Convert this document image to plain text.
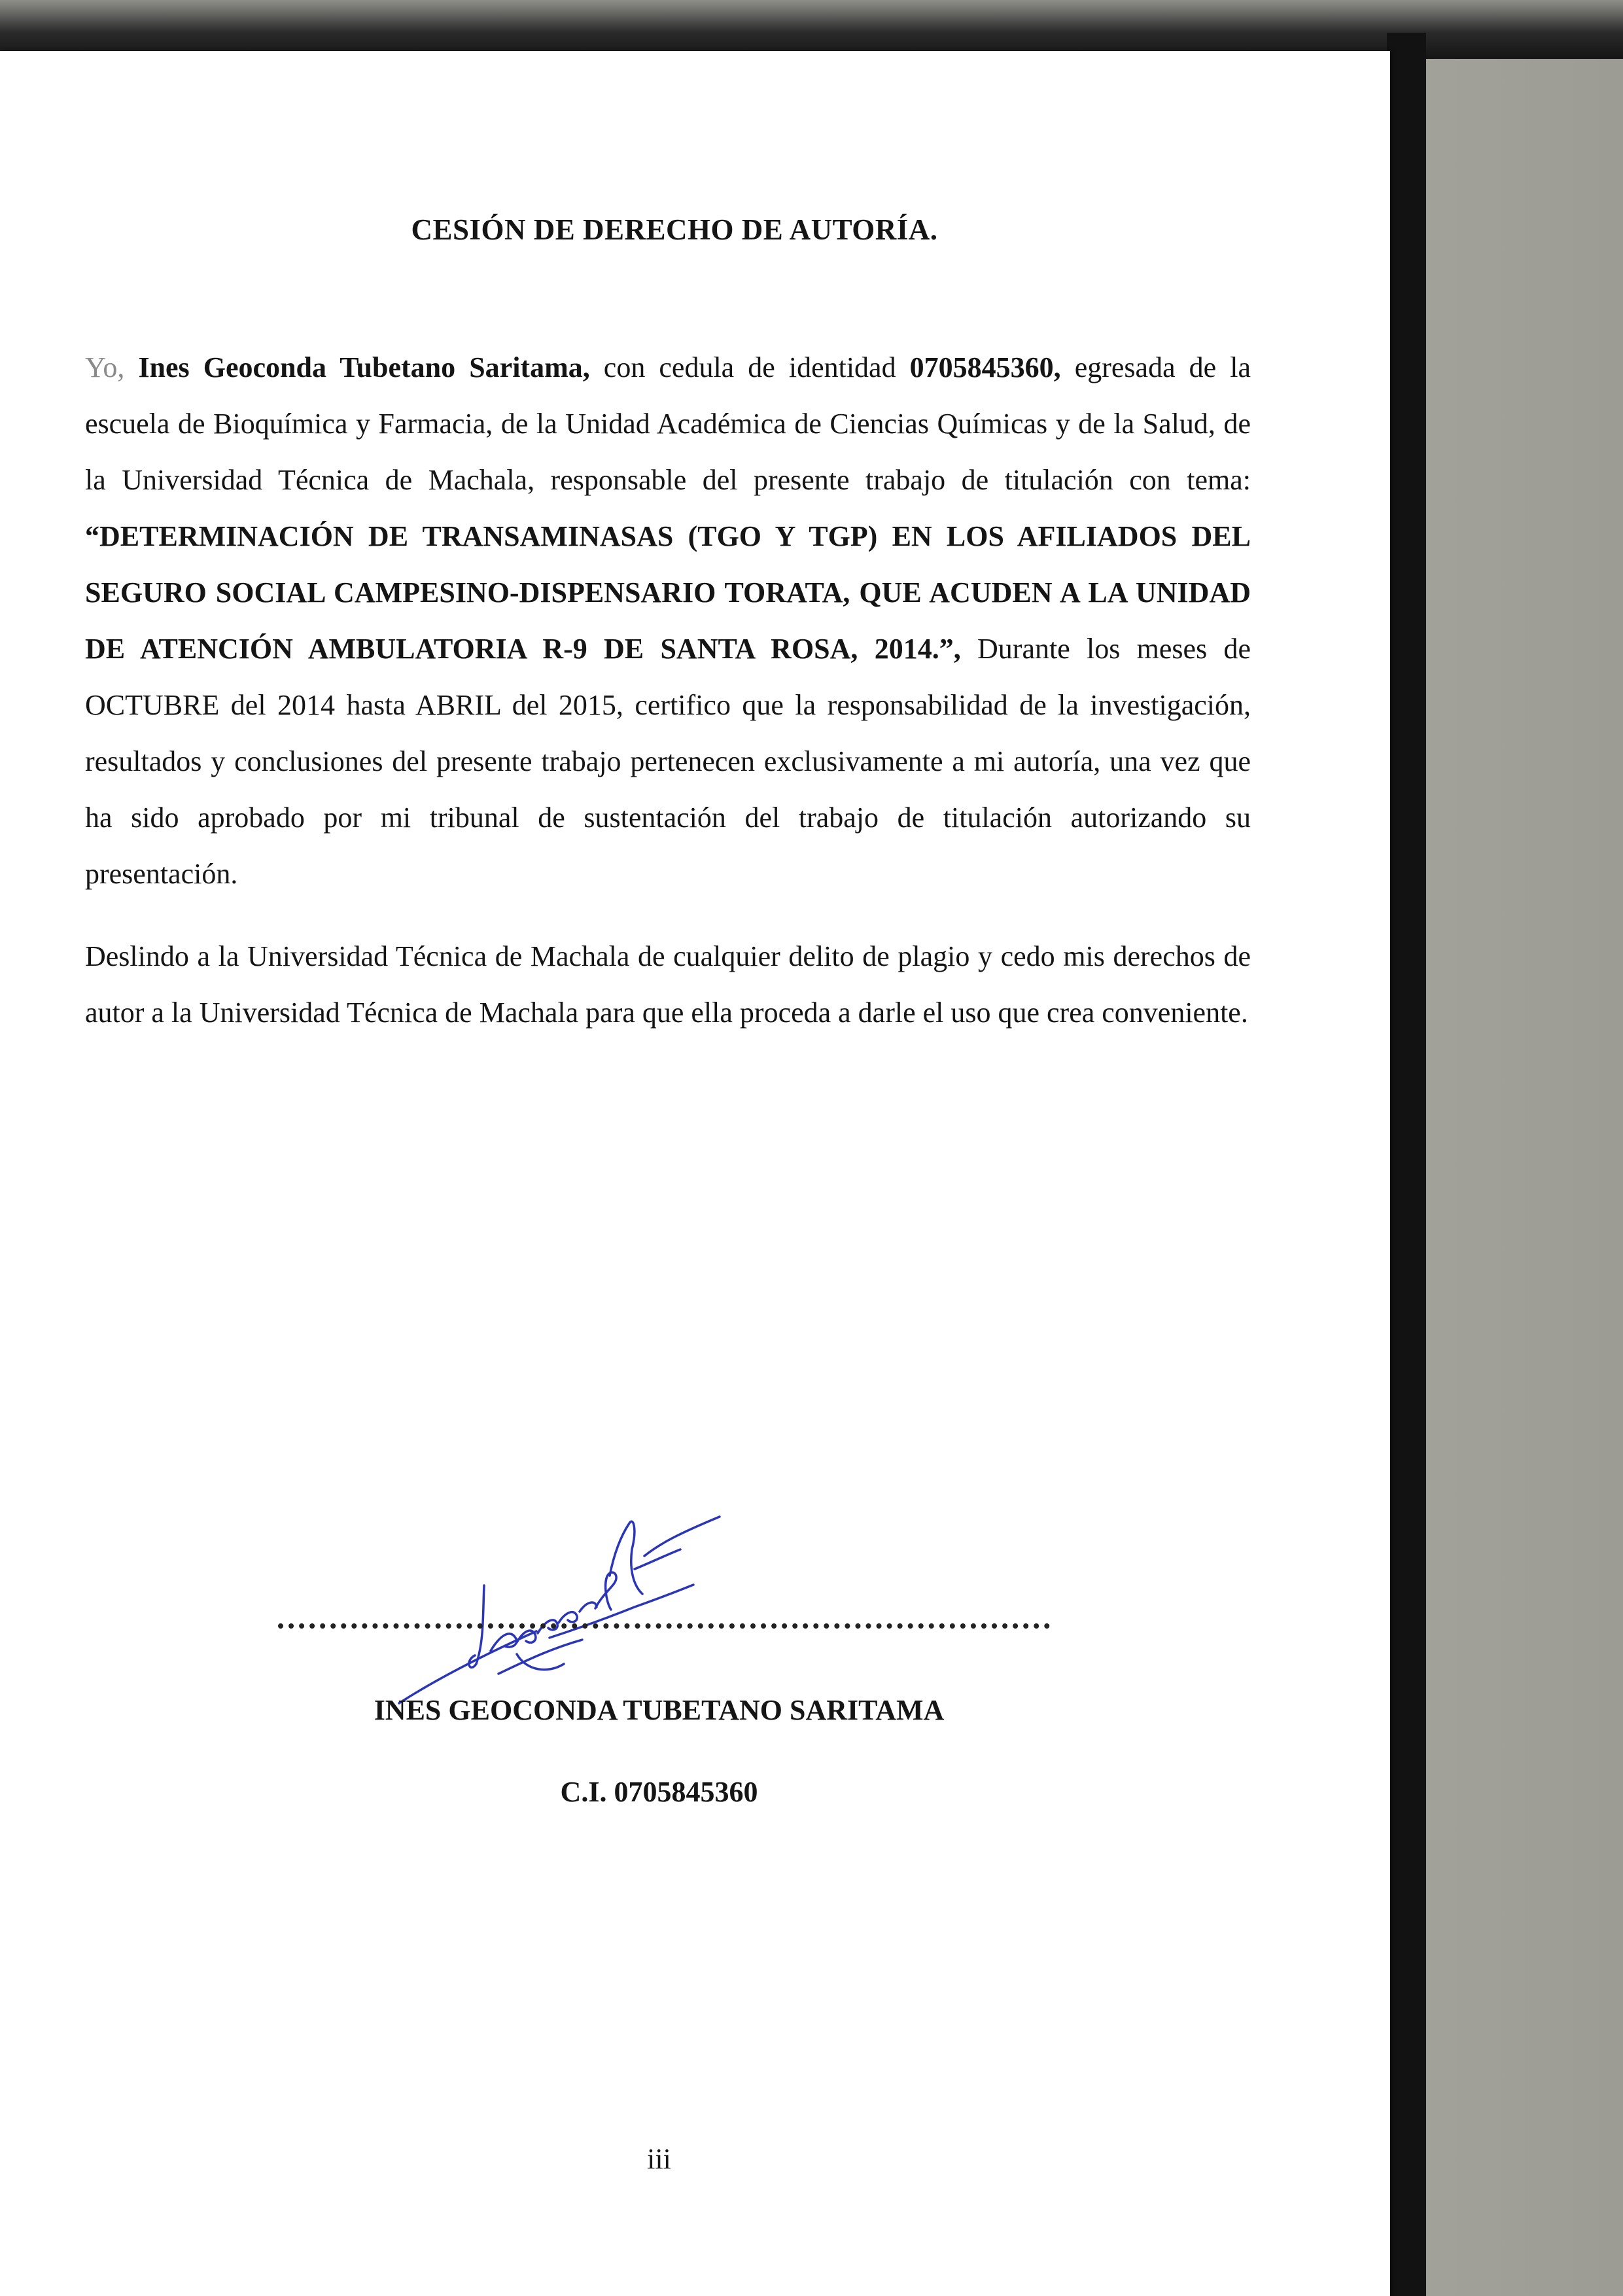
CESIÓN DE DERECHO DE AUTORÍA.

Yo, Ines Geoconda Tubetano Saritama, con cedula de identidad 0705845360, egresada de la escuela de Bioquímica y Farmacia, de la Unidad Académica de Ciencias Químicas y de la Salud, de la Universidad Técnica de Machala, responsable del presente trabajo de titulación con tema: “DETERMINACIÓN DE TRANSAMINASAS (TGO Y TGP) EN LOS AFILIADOS DEL SEGURO SOCIAL CAMPESINO-DISPENSARIO TORATA, QUE ACUDEN A LA UNIDAD DE ATENCIÓN AMBULATORIA R-9 DE SANTA ROSA, 2014.”, Durante los meses de OCTUBRE del 2014 hasta ABRIL del 2015, certifico que la responsabilidad de la investigación, resultados y conclusiones del presente trabajo pertenecen exclusivamente a mi autoría, una vez que ha sido aprobado por mi tribunal de sustentación del trabajo de titulación autorizando su presentación.

Deslindo a la Universidad Técnica de Machala de cualquier delito de plagio y cedo mis derechos de autor a la Universidad Técnica de Machala para que ella proceda a darle el uso que crea conveniente.

INES GEOCONDA TUBETANO SARITAMA
C.I. 0705845360
iii
